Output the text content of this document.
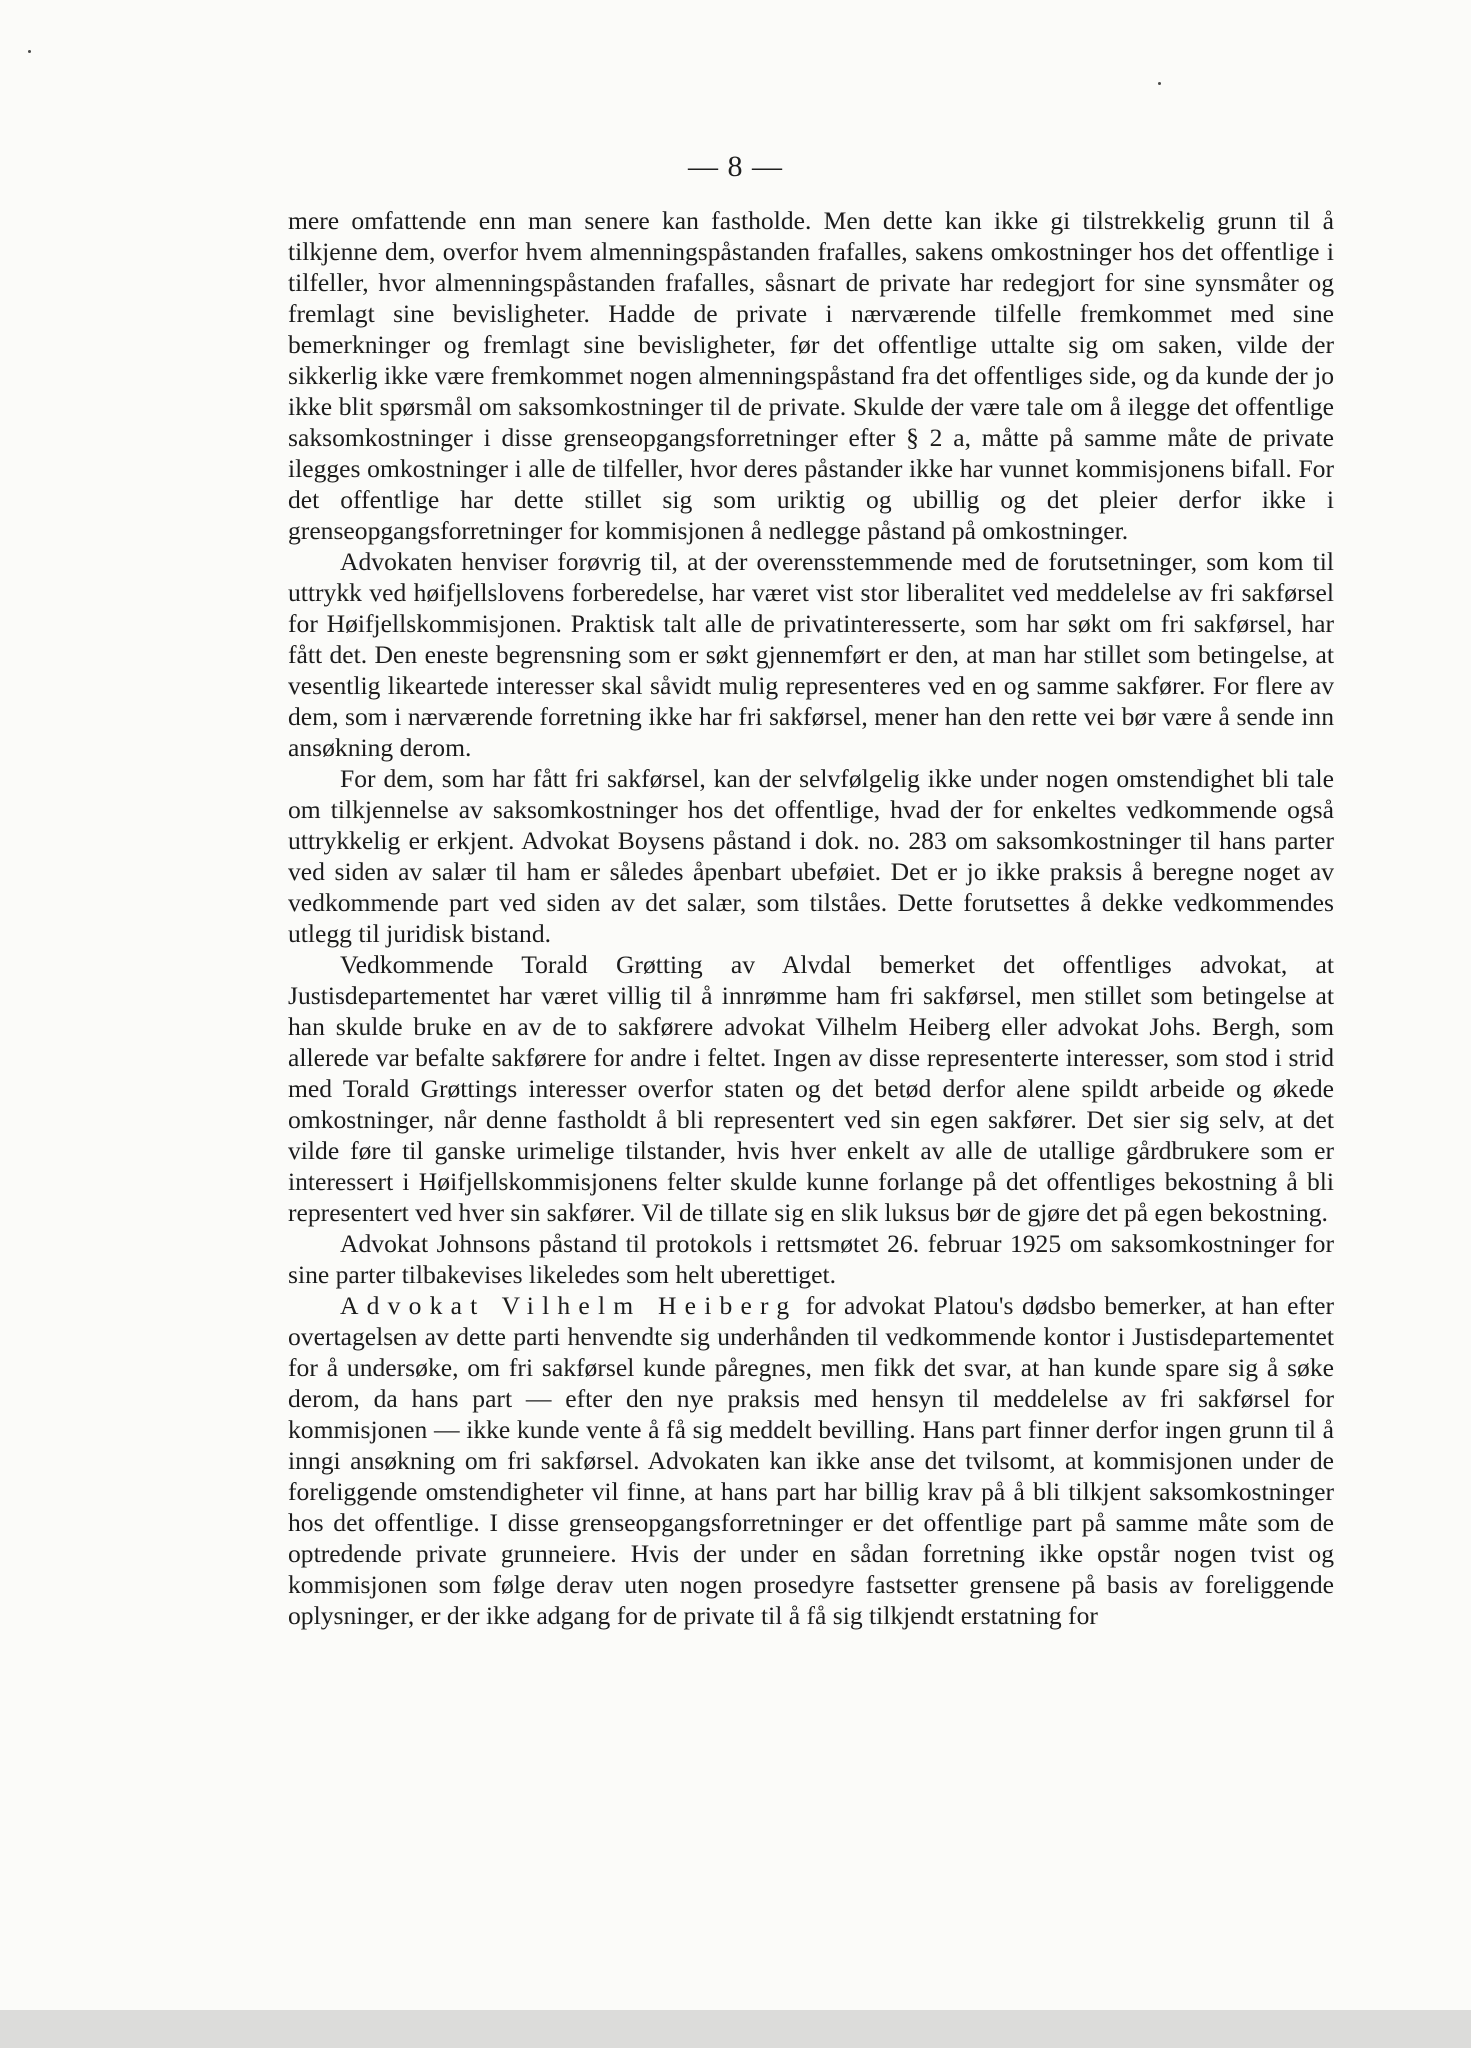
— 8 —

mere omfattende enn man senere kan fastholde. Men dette kan ikke gi tilstrekkelig grunn til å tilkjenne dem, overfor hvem almenningspåstanden frafalles, sakens omkostninger hos det offentlige i tilfeller, hvor almenningspåstanden frafalles, såsnart de private har redegjort for sine synsmåter og fremlagt sine bevisligheter. Hadde de private i nærværende tilfelle fremkommet med sine bemerkninger og fremlagt sine bevisligheter, før det offentlige uttalte sig om saken, vilde der sikkerlig ikke være fremkommet nogen almenningspåstand fra det offentliges side, og da kunde der jo ikke blit spørsmål om saksomkostninger til de private. Skulde der være tale om å ilegge det offentlige saksomkostninger i disse grenseopgangsforretninger efter § 2 a, måtte på samme måte de private ilegges omkostninger i alle de tilfeller, hvor deres påstander ikke har vunnet kommisjonens bifall. For det offentlige har dette stillet sig som uriktig og ubillig og det pleier derfor ikke i grenseopgangsforretninger for kommisjonen å nedlegge påstand på omkostninger.

Advokaten henviser forøvrig til, at der overensstemmende med de forutsetninger, som kom til uttrykk ved høifjellslovens forberedelse, har været vist stor liberalitet ved meddelelse av fri sakførsel for Høifjellskommisjonen. Praktisk talt alle de privatinteresserte, som har søkt om fri sakførsel, har fått det. Den eneste begrensning som er søkt gjennemført er den, at man har stillet som betingelse, at vesentlig likeartede interesser skal såvidt mulig representeres ved en og samme sakfører. For flere av dem, som i nærværende forretning ikke har fri sakførsel, mener han den rette vei bør være å sende inn ansøkning derom.

For dem, som har fått fri sakførsel, kan der selvfølgelig ikke under nogen omstendighet bli tale om tilkjennelse av saksomkostninger hos det offentlige, hvad der for enkeltes vedkommende også uttrykkelig er erkjent. Advokat Boysens påstand i dok. no. 283 om saksomkostninger til hans parter ved siden av salær til ham er således åpenbart ubeføiet. Det er jo ikke praksis å beregne noget av vedkommende part ved siden av det salær, som tilståes. Dette forutsettes å dekke vedkommendes utlegg til juridisk bistand.

Vedkommende Torald Grøtting av Alvdal bemerket det offentliges advokat, at Justisdepartementet har været villig til å innrømme ham fri sakførsel, men stillet som betingelse at han skulde bruke en av de to sakførere advokat Vilhelm Heiberg eller advokat Johs. Bergh, som allerede var befalte sakførere for andre i feltet. Ingen av disse representerte interesser, som stod i strid med Torald Grøttings interesser overfor staten og det betød derfor alene spildt arbeide og økede omkostninger, når denne fastholdt å bli representert ved sin egen sakfører. Det sier sig selv, at det vilde føre til ganske urimelige tilstander, hvis hver enkelt av alle de utallige gårdbrukere som er interessert i Høifjellskommisjonens felter skulde kunne forlange på det offentliges bekostning å bli representert ved hver sin sakfører. Vil de tillate sig en slik luksus bør de gjøre det på egen bekostning.

Advokat Johnsons påstand til protokols i rettsmøtet 26. februar 1925 om saksomkostninger for sine parter tilbakevises likeledes som helt uberettiget.

Advokat Vilhelm Heiberg for advokat Platou's dødsbo bemerker, at han efter overtagelsen av dette parti henvendte sig underhånden til vedkommende kontor i Justisdepartementet for å undersøke, om fri sakførsel kunde påregnes, men fikk det svar, at han kunde spare sig å søke derom, da hans part — efter den nye praksis med hensyn til meddelelse av fri sakførsel for kommisjonen — ikke kunde vente å få sig meddelt bevilling. Hans part finner derfor ingen grunn til å inngi ansøkning om fri sakførsel. Advokaten kan ikke anse det tvilsomt, at kommisjonen under de foreliggende omstendigheter vil finne, at hans part har billig krav på å bli tilkjent saksomkostninger hos det offentlige. I disse grenseopgangsforretninger er det offentlige part på samme måte som de optredende private grunneiere. Hvis der under en sådan forretning ikke opstår nogen tvist og kommisjonen som følge derav uten nogen prosedyre fastsetter grensene på basis av foreliggende oplysninger, er der ikke adgang for de private til å få sig tilkjendt erstatning for
